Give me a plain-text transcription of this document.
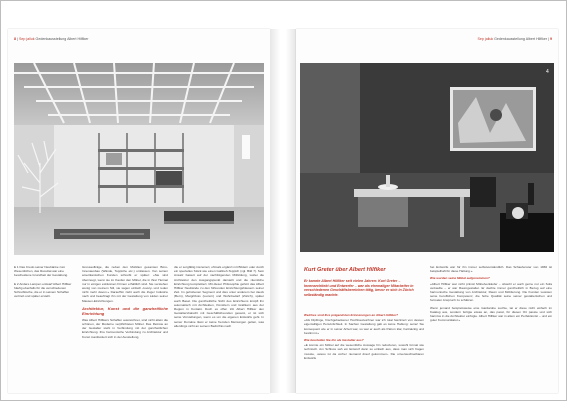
8 | Sep jalluk Gedenkausstellung Albert Hilfiker

E 1 Das Credo seiner Neubänke zum Wesentlichen, das Resultat war eine bescheidene Grundheit der Gestaltung.

E 2 Andere Lampen entwarf Albert Hilfiker häufig ebenfalls für die verschiedenen Schreibtische, die er in seinem Schaffen vertrieb und später erstellt.

Grossaufträge, die neben den Mobilien gesamten Büro-Innenausbau (Wände, Teppiche etc.) umfassen. Von seinen amerikanischen Kunden schreibt er später: «Sie sind überzeugt, wenn sie im Kaufen den Möbel, die in ihrer Heimat nur in einigen exklusiven Firmen erhältlich sind. Sie verstehen wenig von meinem Stil, sie sagen einfach ‹lovely› und reden nicht mehr davon.» Daraufhin zieht auch die Zuger Industrie nach und beauftragt ihn mit der Gestaltung von Läden seiner Massen-Einrichtungen.

Architektur, Kunst und die ganzheitliche Einrichtung

Was Albert Hilfikers Schaffen auszeichnet, sind nicht allein die schönen, der Moderne verpflichteten Möbel. Das Reinste an der Gestalter steht in Verbindung mit der ganzheitlichen Einrichtung. Ihre harmonische Verbindung zu Architektur und Kunst manifestiert sich in der Ausstellung,

die er sorgfältig inszeniert, oftmals ergänzt mit Bildern oder durch ein spezielles Stück wie einen Gabbeh-Teppich (vgl. Bild 7). Sein Ansatz basiert auf der nachfolgenden Mitbildung, wobei die Architektur den Ausgangspunkt darstellt und die räumliche Einrichtung komplettiert. Mit dieser Philosophie gehört das Albert Hilfiker Neubände zu den führenden Einrichtungshäusern seiner Zeit. Im gehobenen Segment und dies unter anderem bei Jaeck (Bern), Margritbois (Luzern) und Wohnbedarf (Zürich), später auch Basel. Die ganzheitliche Sicht des Einrichtens knüpft ihn automatisch mit Architekten, Künstlern und Grafikern aus der Region in Kontakt. Doch es offen tritt Albert Hilfiker den Gestaltersbatscht mit Geschäftsfreunden gesamt, er ist sich seine Vorstellungen, wenn es um die eigenen Entwürfe geht. In seiner Domäne lässt er keine fremden Meinungen gelten, was allerdings nicht an seinem Bedürfnis nach

Sep jalluk Gedenkausstellung Albert Hilfiker | 9
4
Kurt Greter über Albert Hilfiker
Er kannte Albert Hilfiker seit vielen Jahren: Kurt Greter – Innenarchitekt und Entwerfer – war als ehemaliger Mitarbeiter in verschiedenen Geschäftsbereichen tätig, bevor er sich in Zürich selbständig machte.

Welches sind Ihre prägendsten Erinnerungen an Albert Hilfiker?

«Als Dipllinge, frischgebackener Hochbauzeichner war ich total fasziniert von dessen eigenwilligen Persönlichkeit. In Sachen Gestaltung gab es keine Haltung: seine! Sie konsequent wie er in seiner Arbeit war, so war er auch als Patron klar, hartnäckig und bestimmt.»

Wie beurteilen Sie ihn als Gestalter aus?

«E konnte ein Möbel auf die wesentliche Aussage hin reduzieren, sowohl formal wie technisch. Am Schluss sah ein Entwurf dann so einfach aus, dass man sich fragen musste, ‹wieso ist da vorher niemand drauf gekommen›. Die unverwechselbaren Entwürfe

het Entwürfe war für ihn immer selbstverständlich. Das Schaufenster von 1966 ist beispielhaft für diese Haltung.»

Wie wurden seine Möbel aufgenommen?

«Albert Hilfiker war nicht primär Möbelverkäufer – obwohl er auch gerne nur ein Sofa verkaufte – er war Raumgestalter. Er dachte immer ganzheitlich in Bezug auf eine harmonische Gestaltung von Architektur, Raum und Möblierung. Die Kunden wussten seine beruflichen Kompetenz, die hohe Qualität seine seiner gestalterischen und formalen Anspruch zu schätzen.

Wenn jemand beispielsweise eine Gardarobe suchte, tat er diese nicht einfach im Katalog aus, sondern fertigte etwas an, das passt, für diesen Ort passte und sich harmlos in die Architektur einfügte. Albert Hilfiker war in allem ein Perfektionist – und ein guter Kommunikator.»
